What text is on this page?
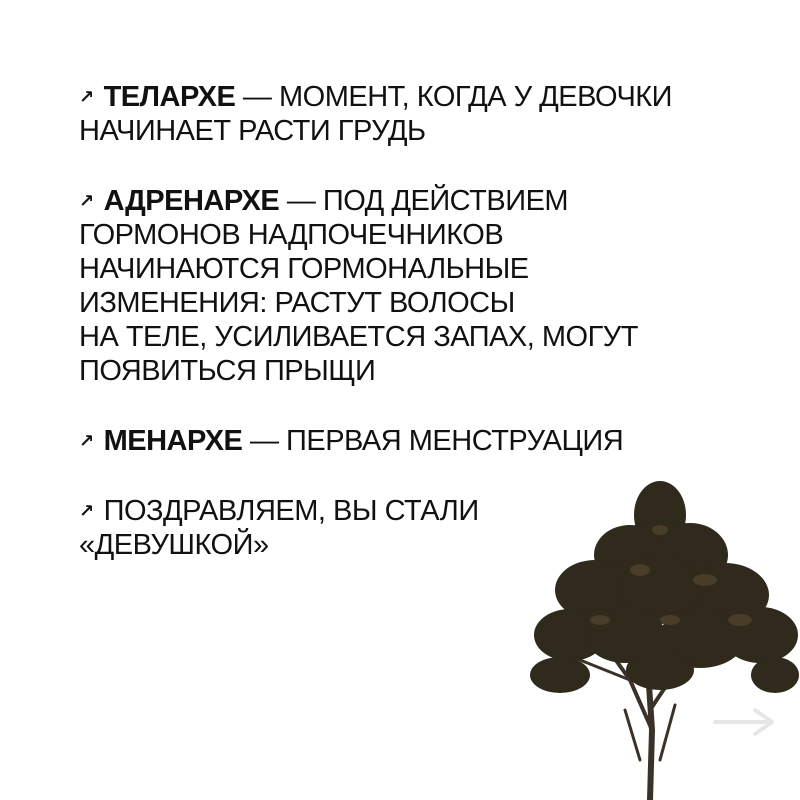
↗ ТЕЛАРХЕ — МОМЕНТ, КОГДА У ДЕВОЧКИ
НАЧИНАЕТ РАСТИ ГРУДЬ
↗ АДРЕНАРХЕ — ПОД ДЕЙСТВИЕМ
ГОРМОНОВ НАДПОЧЕЧНИКОВ
НАЧИНАЮТСЯ ГОРМОНАЛЬНЫЕ
ИЗМЕНЕНИЯ: РАСТУТ ВОЛОСЫ
НА ТЕЛЕ, УСИЛИВАЕТСЯ ЗАПАХ, МОГУТ
ПОЯВИТЬСЯ ПРЫЩИ
↗ МЕНАРХЕ — ПЕРВАЯ МЕНСТРУАЦИЯ
↗ ПОЗДРАВЛЯЕМ, ВЫ СТАЛИ
«ДЕВУШКОЙ»
